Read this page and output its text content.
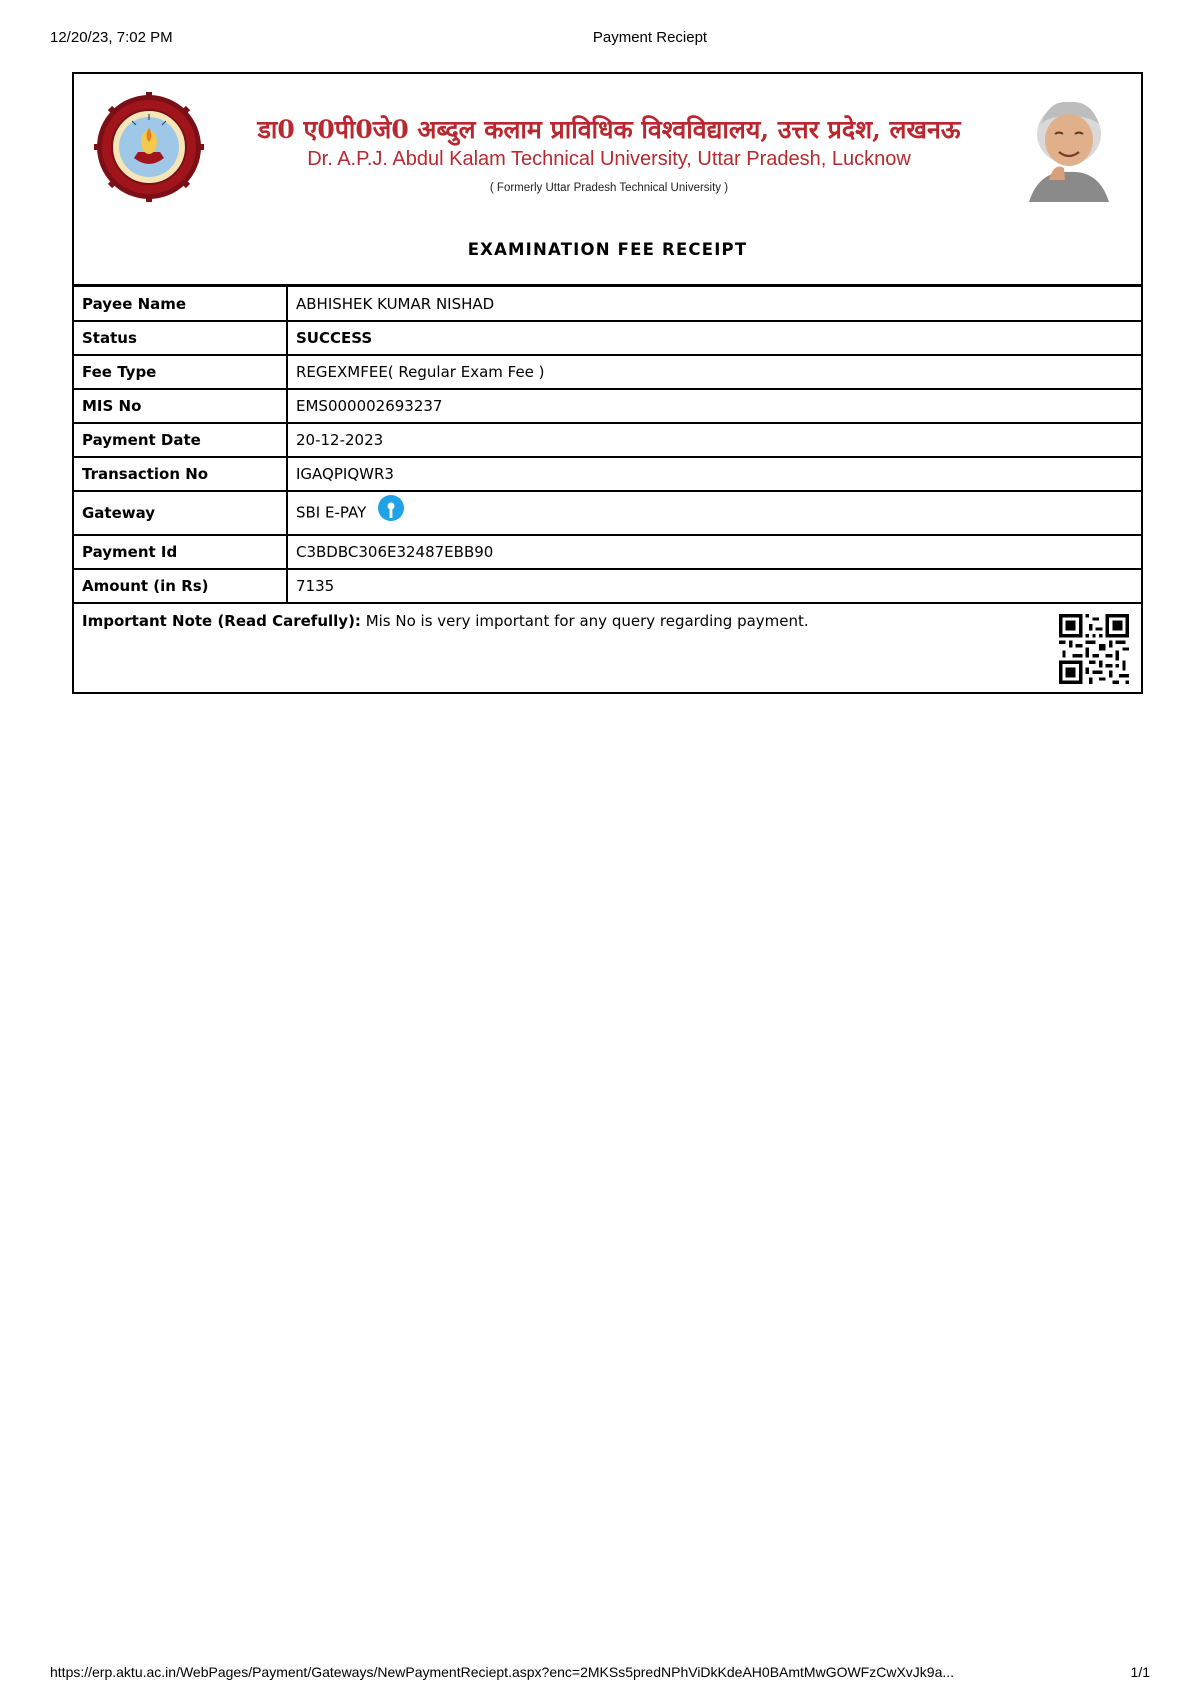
12/20/23, 7:02 PM	Payment Reciept
डा0 ए0पी0जे0 अब्दुल कलाम प्राविधिक विश्वविद्यालय, उत्तर प्रदेश, लखनऊ
Dr. A.P.J. Abdul Kalam Technical University, Uttar Pradesh, Lucknow
( Formerly Uttar Pradesh Technical University )
EXAMINATION FEE RECEIPT
Payee Name	ABHISHEK KUMAR NISHAD
Status	SUCCESS
Fee Type	REGEXMFEE( Regular Exam Fee )
MIS No	EMS000002693237
Payment Date	20-12-2023
Transaction No	IGAQPIQWR3
Gateway	SBI E-PAY
Payment Id	C3BDBC306E32487EBB90
Amount (in Rs)	7135
Important Note (Read Carefully): Mis No is very important for any query regarding payment.
https://erp.aktu.ac.in/WebPages/Payment/Gateways/NewPaymentReciept.aspx?enc=2MKSs5predNPhViDkKdeAH0BAmtMwGOWFzCwXvJk9a...	1/1
